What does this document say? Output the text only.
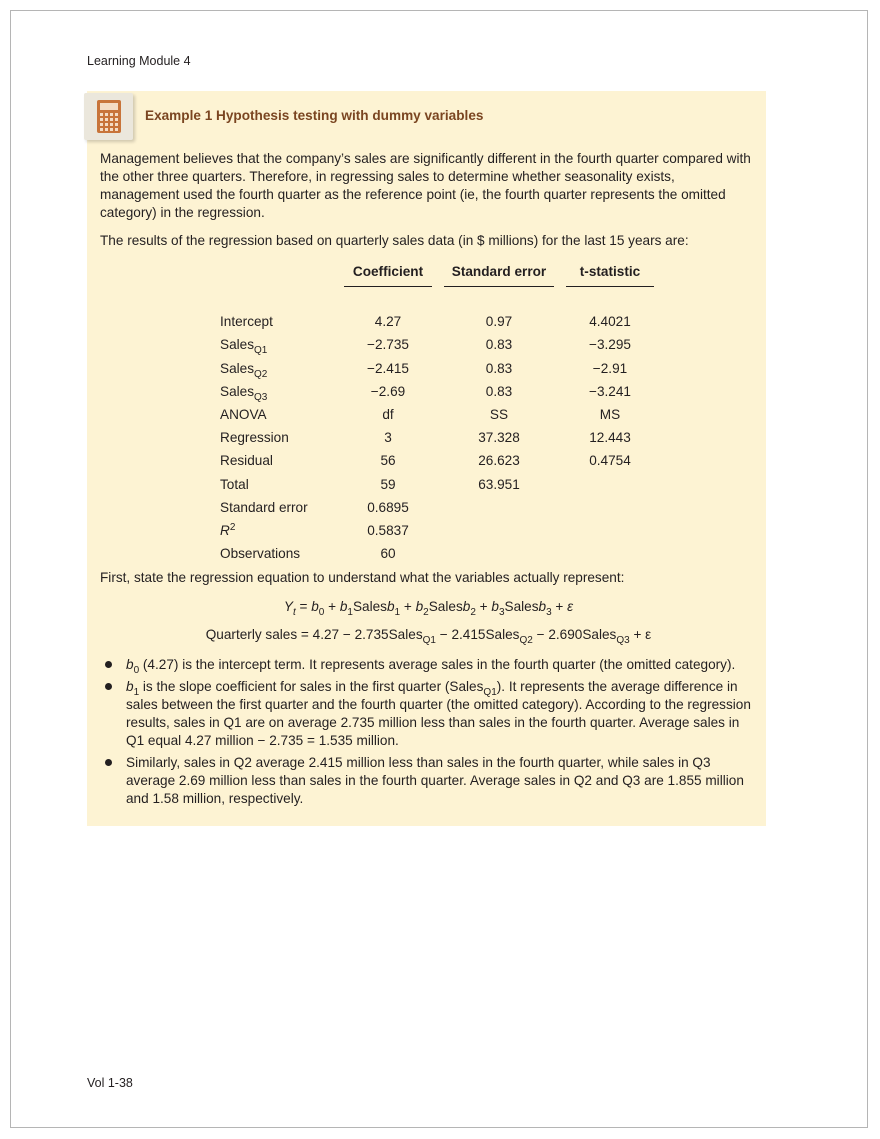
Learning Module 4
Example 1 Hypothesis testing with dummy variables
Management believes that the company’s sales are significantly different in the fourth quarter compared with the other three quarters. Therefore, in regressing sales to determine whether seasonality exists, management used the fourth quarter as the reference point (ie, the fourth quarter represents the omitted category) in the regression.
The results of the regression based on quarterly sales data (in $ millions) for the last 15 years are:
		Coefficient		Standard error		t-statistic

Intercept		4.27		0.97		4.4021
Sales$_{Q1}$		−2.735		0.83		−3.295
Sales$_{Q2}$		−2.415		0.83		−2.91
Sales$_{Q3}$		−2.69		0.83		−3.241
ANOVA		df		SS		MS
Regression		3		37.328		12.443
Residual		56		26.623		0.4754
Total		59		63.951		
Standard error		0.6895				
$R^2$		0.5837				
Observations		60				
First, state the regression equation to understand what the variables actually represent:
$Y_t = b_0$ + $b_1Salesb_1$ + $b_2Salesb_2$ + $b_3Salesb_3 + \varepsilon$
Quarterly sales = 4.27 − 2.735Sales$_{Q1}$ − 2.415Sales$_{Q2}$ − 2.690Sales$_{Q3}$ + ε
$b_0$ (4.27) is the intercept term. It represents average sales in the fourth quarter (the omitted category).
$b_1$ is the slope coefficient for sales in the first quarter (Sales$_{Q1}$). It represents the average difference in sales between the first quarter and the fourth quarter (the omitted category). According to the regression results, sales in Q1 are on average 2.735 million less than sales in the fourth quarter. Average sales in Q1 equal 4.27 million − 2.735 = 1.535 million.
Similarly, sales in Q2 average 2.415 million less than sales in the fourth quarter, while sales in Q3 average 2.69 million less than sales in the fourth quarter. Average sales in Q2 and Q3 are 1.855 million and 1.58 million, respectively.
Vol 1-38
